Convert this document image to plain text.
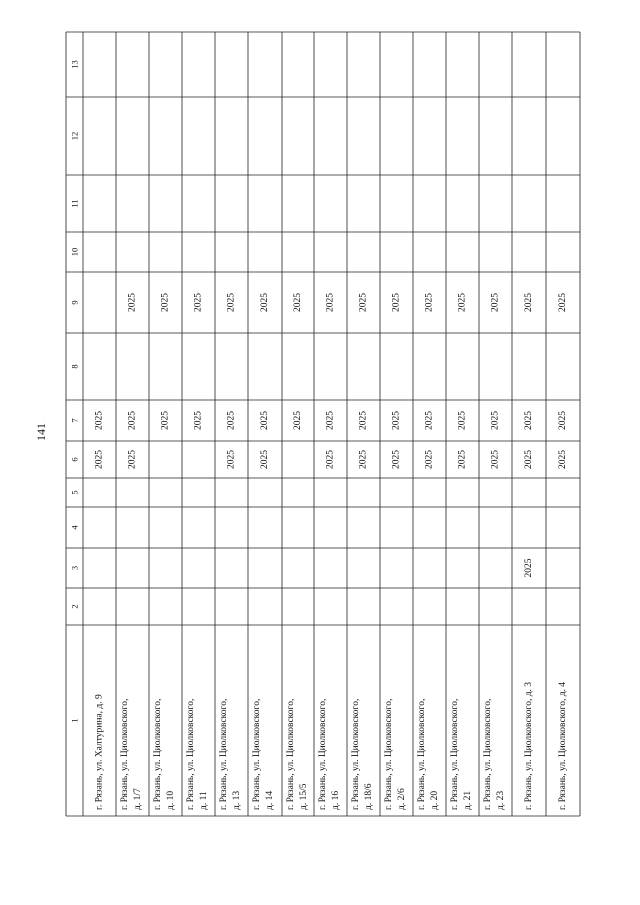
141
1
2
3
4
5
6
7
8
9
10
11
12
13
г. Рязань, ул. Халтурина, д. 9
2025
2025
г. Рязань, ул. Циолковского, д. 1/7
2025
2025
2025
г. Рязань, ул. Циолковского, д. 10
2025
2025
г. Рязань, ул. Циолковского, д. 11
2025
2025
г. Рязань, ул. Циолковского, д. 13
2025
2025
2025
г. Рязань, ул. Циолковского, д. 14
2025
2025
2025
г. Рязань, ул. Циолковского, д. 15/5
2025
2025
г. Рязань, ул. Циолковского, д. 16
2025
2025
2025
г. Рязань, ул. Циолковского, д. 18/6
2025
2025
2025
г. Рязань, ул. Циолковского, д. 2/6
2025
2025
2025
г. Рязань, ул. Циолковского, д. 20
2025
2025
2025
г. Рязань, ул. Циолковского, д. 21
2025
2025
2025
г. Рязань, ул. Циолковского, д. 23
2025
2025
2025
г. Рязань, ул. Циолковского, д. 3
2025
2025
2025
2025
г. Рязань, ул. Циолковского, д. 4
2025
2025
2025
